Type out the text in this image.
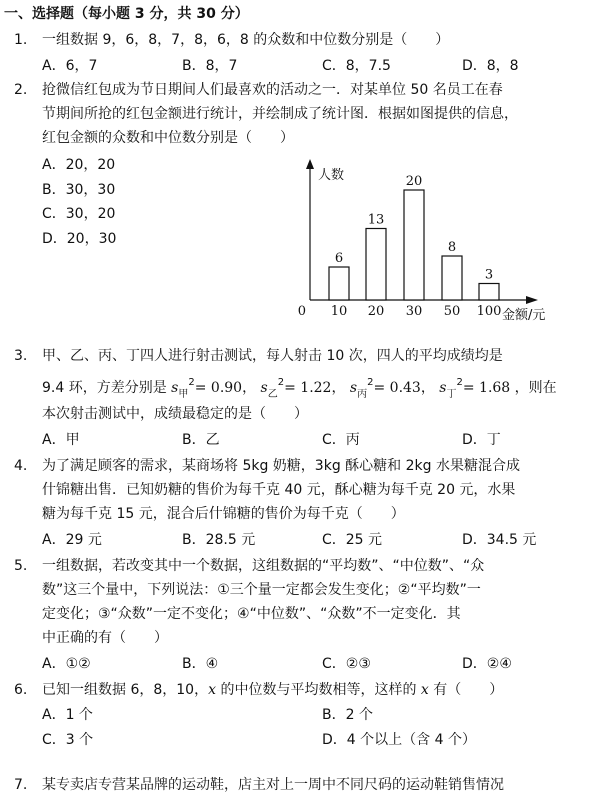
一、选择题（每小题 3 分，共 30 分）
1. 一组数据 9，6，8，7，8，6，8 的众数和中位数分别是（　　）
A．6，7	B．8，7	C．8，7.5	D．8，8
2. 抢微信红包成为节日期间人们最喜欢的活动之一．对某单位 50 名员工在春
节期间所抢的红包金额进行统计，并绘制成了统计图．根据如图提供的信息，
红包金额的众数和中位数分别是（　　）
A．20，20
B．30，30
C．30，20
D．20，30
人数
金额/元
0
6
10
13
20
20
30
8
50
3
100
3. 甲、乙、丙、丁四人进行射击测试，每人射击 10 次，四人的平均成绩均是
9.4 环，方差分别是 $s_甲^2= 0.90$， $s_乙^2= 1.22$， $s_丙^2= 0.43$， $s_丁^2= 1.68$ ，则在
本次射击测试中，成绩最稳定的是（　　）
A．甲	B．乙	C．丙	D．丁
4. 为了满足顾客的需求，某商场将 5kg 奶糖，3kg 酥心糖和 2kg 水果糖混合成
什锦糖出售．已知奶糖的售价为每千克 40 元，酥心糖为每千克 20 元，水果
糖为每千克 15 元，混合后什锦糖的售价为每千克（　　）
A．29 元	B．28.5 元	C．25 元	D．34.5 元
5. 一组数据，若改变其中一个数据，这组数据的“平均数”、“中位数”、“众
数”这三个量中，下列说法：①三个量一定都会发生变化；②“平均数”一
定变化；③“众数”一定不变化；④“中位数”、“众数”不一定变化．其
中正确的有（　　）
A．①②	B．④	C．②③	D．②④
6. 已知一组数据 6，8，10，x 的中位数与平均数相等，这样的 x 有（　　）
A．1 个	B．2 个
C．3 个	D．4 个以上（含 4 个）
7. 某专卖店专营某品牌的运动鞋，店主对上一周中不同尺码的运动鞋销售情况
